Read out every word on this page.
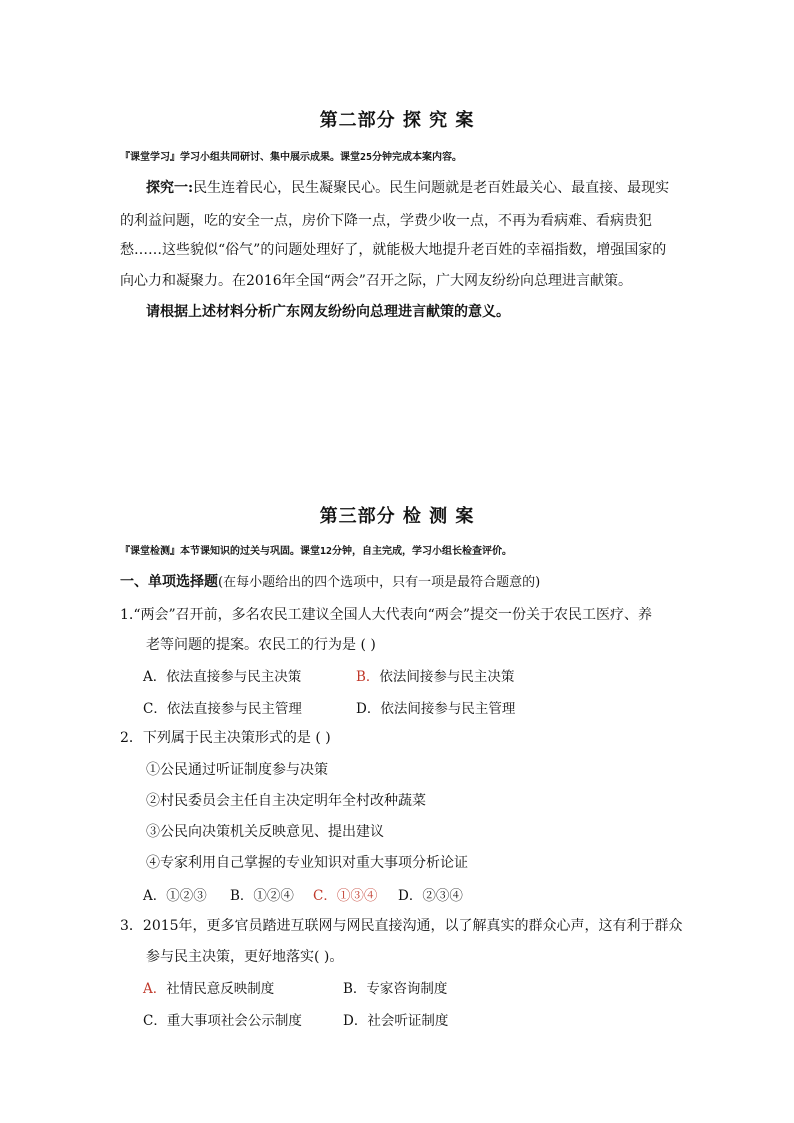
第二部分 探 究 案
『课堂学习』学习小组共同研讨、集中展示成果。课堂25分钟完成本案内容。
探究一:民生连着民心，民生凝聚民心。民生问题就是老百姓最关心、最直接、最现实
的利益问题，吃的安全一点，房价下降一点，学费少收一点，不再为看病难、看病贵犯
愁……这些貌似“俗气”的问题处理好了，就能极大地提升老百姓的幸福指数，增强国家的
向心力和凝聚力。在2016年全国“两会”召开之际，广大网友纷纷向总理进言献策。
请根据上述材料分析广东网友纷纷向总理进言献策的意义。
第三部分 检 测 案
『课堂检测』本节课知识的过关与巩固。课堂12分钟，自主完成，学习小组长检查评价。
一、单项选择题(在每小题给出的四个选项中，只有一项是最符合题意的)
1.“两会”召开前，多名农民工建议全国人大代表向“两会”提交一份关于农民工医疗、养
老等问题的提案。农民工的行为是 ( )
A．依法直接参与民主决策	B．依法间接参与民主决策
C．依法直接参与民主管理	D．依法间接参与民主管理
2．下列属于民主决策形式的是 ( )
①公民通过听证制度参与决策
②村民委员会主任自主决定明年全村改种蔬菜
③公民向决策机关反映意见、提出建议
④专家利用自己掌握的专业知识对重大事项分析论证
A．①②③ B．①②④ C．①③④ D．②③④
3．2015年，更多官员踏进互联网与网民直接沟通，以了解真实的群众心声，这有利于群众
参与民主决策，更好地落实( )。
A．社情民意反映制度	B．专家咨询制度
C．重大事项社会公示制度	D．社会听证制度
